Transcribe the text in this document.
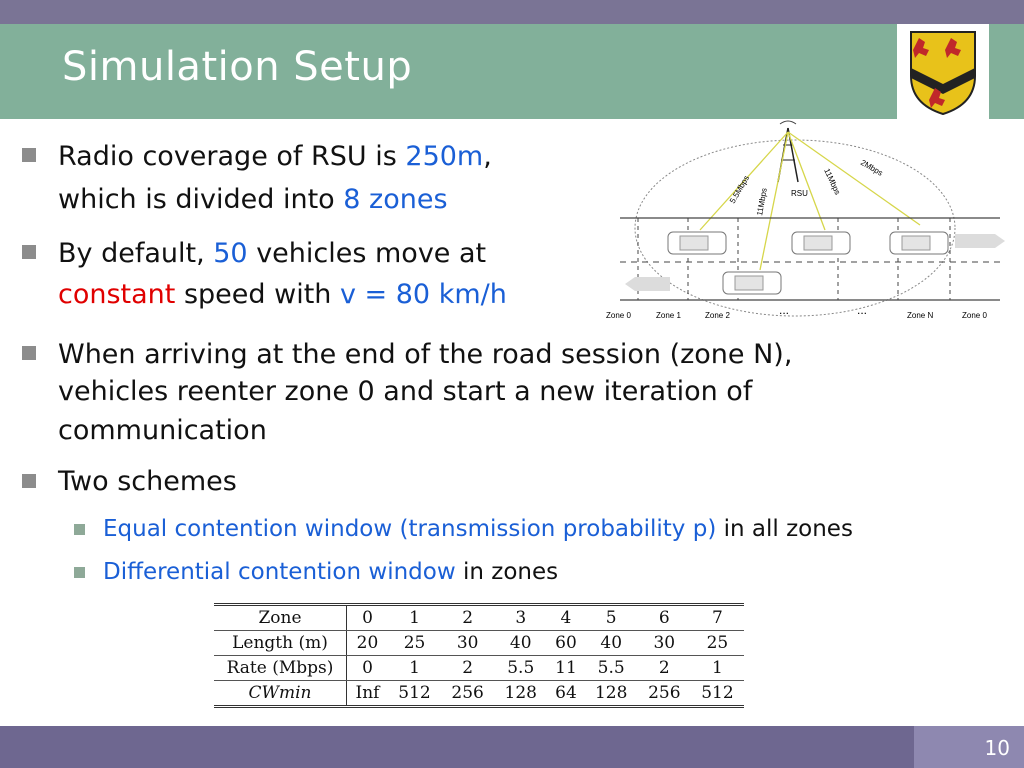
Simulation Setup
Radio coverage of RSU is 250m,
which is divided into 8 zones
By default, 50 vehicles move at
constant speed with v = 80 km/h
When arriving at the end of the road session (zone N),
vehicles reenter zone 0 and start a new iteration of
communication
Two schemes
Equal contention window (transmission probability p) in all zones
Differential contention window in zones
RSU
5.5Mbps 11Mbps
11Mbps 2Mbps
Zone 0	Zone 1	Zone 2	...	...	Zone N	Zone 0
Zone	0	1	2	3	4	5	6	7
Length (m)	20	25	30	40	60	40	30	25
Rate (Mbps)	0	1	2	5.5	11	5.5	2	1
CWmin	Inf	512	256	128	64	128	256	512
10
